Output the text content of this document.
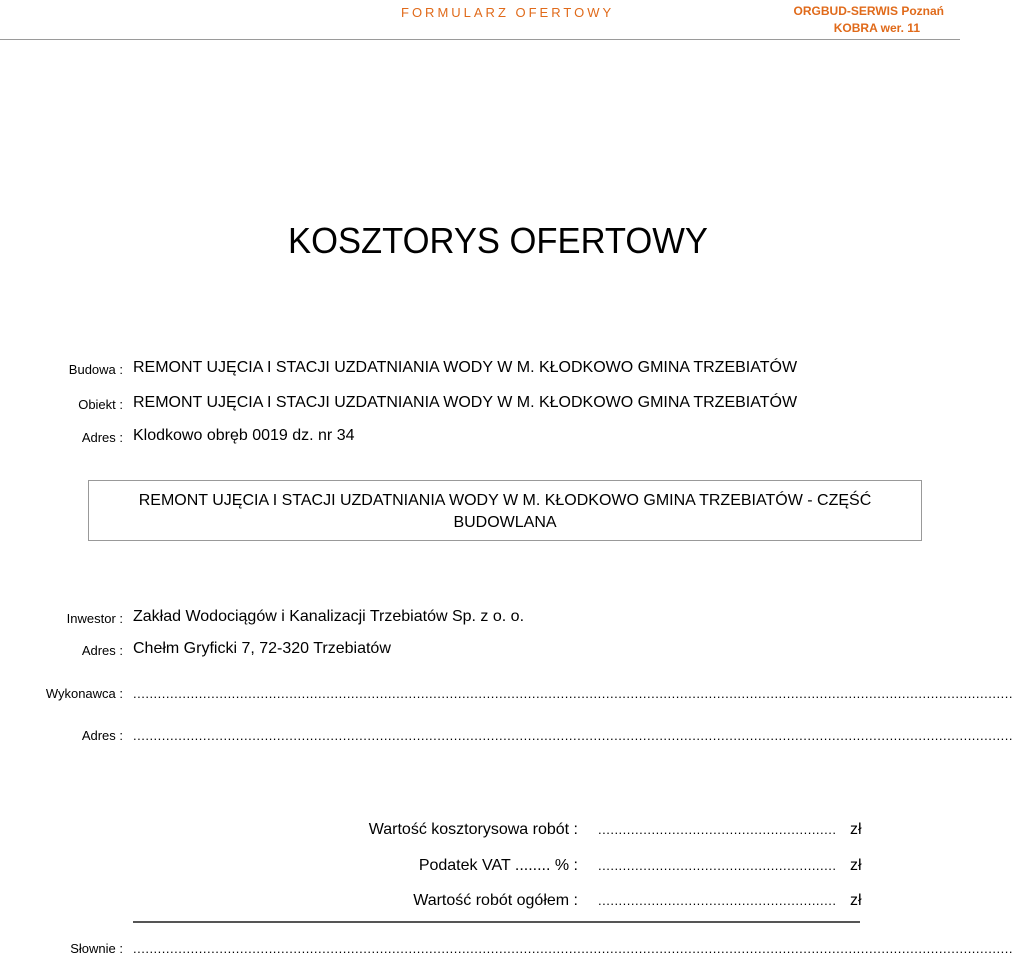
FORMULARZ OFERTOWY	ORGBUD-SERWIS Poznań
KOBRA wer. 11
KOSZTORYS OFERTOWY
Budowa : REMONT UJĘCIA I STACJI UZDATNIANIA WODY W M. KŁODKOWO GMINA TRZEBIATÓW
Obiekt : REMONT UJĘCIA I STACJI UZDATNIANIA WODY W M. KŁODKOWO GMINA TRZEBIATÓW
Adres : Klodkowo obręb 0019 dz. nr 34
REMONT UJĘCIA I STACJI UZDATNIANIA WODY W M. KŁODKOWO GMINA TRZEBIATÓW - CZĘŚĆ
BUDOWLANA
Inwestor : Zakład Wodociągów i Kanalizacji Trzebiatów Sp. z o. o.
Adres : Chełm Gryficki 7, 72-320 Trzebiatów
Wykonawca : ......................................................................................................................................................................................................................
Adres : ......................................................................................................................................................................................................................
Wartość kosztorysowa robót : .......................................................... zł
Podatek VAT ........ % : .......................................................... zł
Wartość robót ogółem : .......................................................... zł
Słownie : ......................................................................................................................................................................................................................
